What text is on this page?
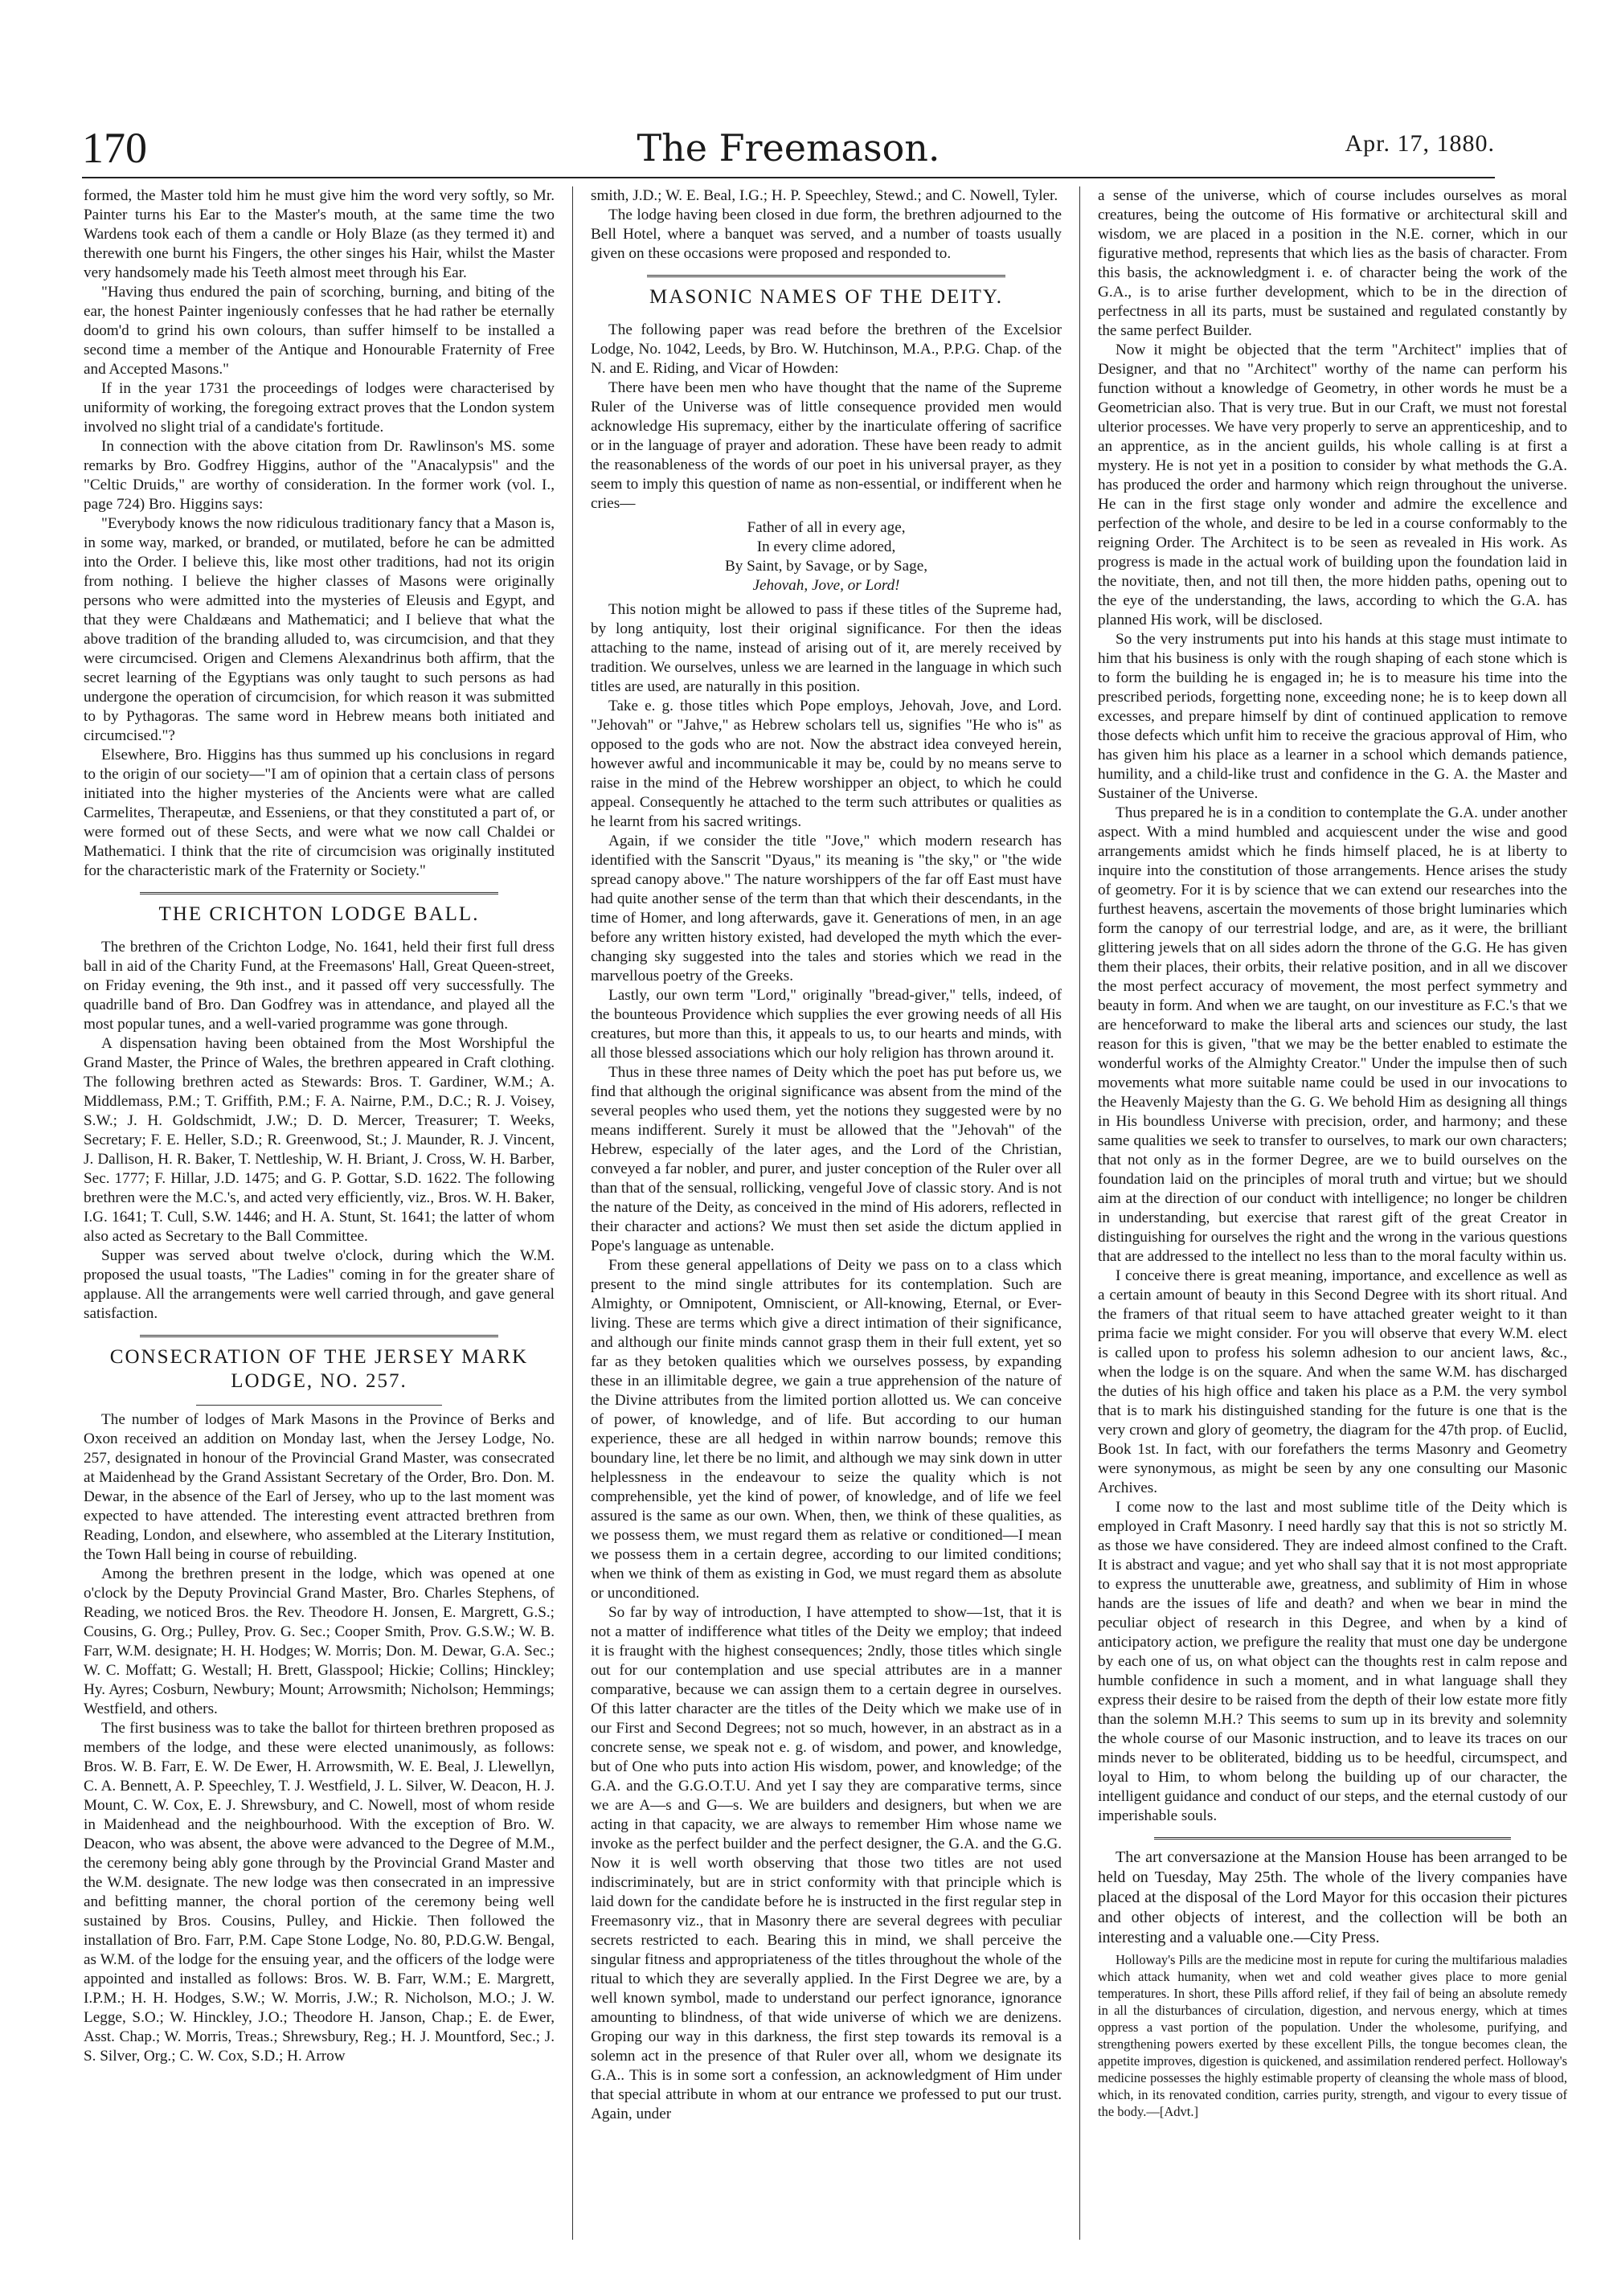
170	The Freemason.	Apr. 17, 1880.

formed, the Master told him he must give him the word very softly, so Mr. Painter turns his Ear to the Master's mouth, at the same time the two Wardens took each of them a candle or Holy Blaze (as they termed it) and therewith one burnt his Fingers, the other singes his Hair, whilst the Master very handsomely made his Teeth almost meet through his Ear.

"Having thus endured the pain of scorching, burning, and biting of the ear, the honest Painter ingeniously confesses that he had rather be eternally doom'd to grind his own colours, than suffer himself to be installed a second time a member of the Antique and Honourable Fraternity of Free and Accepted Masons."

If in the year 1731 the proceedings of lodges were characterised by uniformity of working, the foregoing extract proves that the London system involved no slight trial of a candidate's fortitude.

In connection with the above citation from Dr. Rawlinson's MS. some remarks by Bro. Godfrey Higgins, author of the "Anacalypsis" and the "Celtic Druids," are worthy of consideration. In the former work (vol. I., page 724) Bro. Higgins says:

"Everybody knows the now ridiculous traditionary fancy that a Mason is, in some way, marked, or branded, or mutilated, before he can be admitted into the Order. I believe this, like most other traditions, had not its origin from nothing. I believe the higher classes of Masons were originally persons who were admitted into the mysteries of Eleusis and Egypt, and that they were Chaldæans and Mathematici; and I believe that what the above tradition of the branding alluded to, was circumcision, and that they were circumcised. Origen and Clemens Alexandrinus both affirm, that the secret learning of the Egyptians was only taught to such persons as had undergone the operation of circumcision, for which reason it was submitted to by Pythagoras. The same word in Hebrew means both initiated and circumcised."?

Elsewhere, Bro. Higgins has thus summed up his conclusions in regard to the origin of our society—"I am of opinion that a certain class of persons initiated into the higher mysteries of the Ancients were what are called Carmelites, Therapeutæ, and Esseniens, or that they constituted a part of, or were formed out of these Sects, and were what we now call Chaldei or Mathematici. I think that the rite of circumcision was originally instituted for the characteristic mark of the Fraternity or Society."

THE CRICHTON LODGE BALL.

The brethren of the Crichton Lodge, No. 1641, held their first full dress ball in aid of the Charity Fund, at the Freemasons' Hall, Great Queen-street, on Friday evening, the 9th inst., and it passed off very successfully. The quadrille band of Bro. Dan Godfrey was in attendance, and played all the most popular tunes, and a well-varied programme was gone through.

A dispensation having been obtained from the Most Worshipful the Grand Master, the Prince of Wales, the brethren appeared in Craft clothing. The following brethren acted as Stewards: Bros. T. Gardiner, W.M.; A. Middlemass, P.M.; T. Griffith, P.M.; F. A. Nairne, P.M., D.C.; R. J. Voisey, S.W.; J. H. Goldschmidt, J.W.; D. D. Mercer, Treasurer; T. Weeks, Secretary; F. E. Heller, S.D.; R. Greenwood, St.; J. Maunder, R. J. Vincent, J. Dallison, H. R. Baker, T. Nettleship, W. H. Briant, J. Cross, W. H. Barber, Sec. 1777; F. Hillar, J.D. 1475; and G. P. Gottar, S.D. 1622. The following brethren were the M.C.'s, and acted very efficiently, viz., Bros. W. H. Baker, I.G. 1641; T. Cull, S.W. 1446; and H. A. Stunt, St. 1641; the latter of whom also acted as Secretary to the Ball Committee.

Supper was served about twelve o'clock, during which the W.M. proposed the usual toasts, "The Ladies" coming in for the greater share of applause. All the arrangements were well carried through, and gave general satisfaction.

CONSECRATION OF THE JERSEY MARK LODGE, NO. 257.

The number of lodges of Mark Masons in the Province of Berks and Oxon received an addition on Monday last, when the Jersey Lodge, No. 257, designated in honour of the Provincial Grand Master, was consecrated at Maidenhead by the Grand Assistant Secretary of the Order, Bro. Don. M. Dewar, in the absence of the Earl of Jersey, who up to the last moment was expected to have attended. The interesting event attracted brethren from Reading, London, and elsewhere, who assembled at the Literary Institution, the Town Hall being in course of rebuilding.

Among the brethren present in the lodge, which was opened at one o'clock by the Deputy Provincial Grand Master, Bro. Charles Stephens, of Reading, we noticed Bros. the Rev. Theodore H. Jonsen, E. Margrett, G.S.; Cousins, G. Org.; Pulley, Prov. G. Sec.; Cooper Smith, Prov. G.S.W.; W. B. Farr, W.M. designate; H. H. Hodges; W. Morris; Don. M. Dewar, G.A. Sec.; W. C. Moffatt; G. Westall; H. Brett, Glasspool; Hickie; Collins; Hinckley; Hy. Ayres; Cosburn, Newbury; Mount; Arrowsmith; Nicholson; Hemmings; Westfield, and others.

The first business was to take the ballot for thirteen brethren proposed as members of the lodge, and these were elected unanimously, as follows: Bros. W. B. Farr, E. W. De Ewer, H. Arrowsmith, W. E. Beal, J. Llewellyn, C. A. Bennett, A. P. Speechley, T. J. Westfield, J. L. Silver, W. Deacon, H. J. Mount, C. W. Cox, E. J. Shrewsbury, and C. Nowell, most of whom reside in Maidenhead and the neighbourhood. With the exception of Bro. W. Deacon, who was absent, the above were advanced to the Degree of M.M., the ceremony being ably gone through by the Provincial Grand Master and the W.M. designate. The new lodge was then consecrated in an impressive and befitting manner, the choral portion of the ceremony being well sustained by Bros. Cousins, Pulley, and Hickie. Then followed the installation of Bro. Farr, P.M. Cape Stone Lodge, No. 80, P.D.G.W. Bengal, as W.M. of the lodge for the ensuing year, and the officers of the lodge were appointed and installed as follows: Bros. W. B. Farr, W.M.; E. Margrett, I.P.M.; H. H. Hodges, S.W.; W. Morris, J.W.; R. Nicholson, M.O.; J. W. Legge, S.O.; W. Hinckley, J.O.; Theodore H. Janson, Chap.; E. de Ewer, Asst. Chap.; W. Morris, Treas.; Shrewsbury, Reg.; H. J. Mountford, Sec.; J. S. Silver, Org.; C. W. Cox, S.D.; H. Arrow

smith, J.D.; W. E. Beal, I.G.; H. P. Speechley, Stewd.; and C. Nowell, Tyler.

The lodge having been closed in due form, the brethren adjourned to the Bell Hotel, where a banquet was served, and a number of toasts usually given on these occasions were proposed and responded to.

MASONIC NAMES OF THE DEITY.

The following paper was read before the brethren of the Excelsior Lodge, No. 1042, Leeds, by Bro. W. Hutchinson, M.A., P.P.G. Chap. of the N. and E. Riding, and Vicar of Howden:

There have been men who have thought that the name of the Supreme Ruler of the Universe was of little consequence provided men would acknowledge His supremacy, either by the inarticulate offering of sacrifice or in the language of prayer and adoration. These have been ready to admit the reasonableness of the words of our poet in his universal prayer, as they seem to imply this question of name as non-essential, or indifferent when he cries—

Father of all in every age,
In every clime adored,
By Saint, by Savage, or by Sage,
Jehovah, Jove, or Lord!

This notion might be allowed to pass if these titles of the Supreme had, by long antiquity, lost their original significance. For then the ideas attaching to the name, instead of arising out of it, are merely received by tradition. We ourselves, unless we are learned in the language in which such titles are used, are naturally in this position.

Take e. g. those titles which Pope employs, Jehovah, Jove, and Lord. "Jehovah" or "Jahve," as Hebrew scholars tell us, signifies "He who is" as opposed to the gods who are not. Now the abstract idea conveyed herein, however awful and incommunicable it may be, could by no means serve to raise in the mind of the Hebrew worshipper an object, to which he could appeal. Consequently he attached to the term such attributes or qualities as he learnt from his sacred writings.

Again, if we consider the title "Jove," which modern research has identified with the Sanscrit "Dyaus," its meaning is "the sky," or "the wide spread canopy above." The nature worshippers of the far off East must have had quite another sense of the term than that which their descendants, in the time of Homer, and long afterwards, gave it. Generations of men, in an age before any written history existed, had developed the myth which the ever-changing sky suggested into the tales and stories which we read in the marvellous poetry of the Greeks.

Lastly, our own term "Lord," originally "bread-giver," tells, indeed, of the bounteous Providence which supplies the ever growing needs of all His creatures, but more than this, it appeals to us, to our hearts and minds, with all those blessed associations which our holy religion has thrown around it.

Thus in these three names of Deity which the poet has put before us, we find that although the original significance was absent from the mind of the several peoples who used them, yet the notions they suggested were by no means indifferent. Surely it must be allowed that the "Jehovah" of the Hebrew, especially of the later ages, and the Lord of the Christian, conveyed a far nobler, and purer, and juster conception of the Ruler over all than that of the sensual, rollicking, vengeful Jove of classic story. And is not the nature of the Deity, as conceived in the mind of His adorers, reflected in their character and actions? We must then set aside the dictum applied in Pope's language as untenable.

From these general appellations of Deity we pass on to a class which present to the mind single attributes for its contemplation. Such are Almighty, or Omnipotent, Omniscient, or All-knowing, Eternal, or Ever-living. These are terms which give a direct intimation of their significance, and although our finite minds cannot grasp them in their full extent, yet so far as they betoken qualities which we ourselves possess, by expanding these in an illimitable degree, we gain a true apprehension of the nature of the Divine attributes from the limited portion allotted us. We can conceive of power, of knowledge, and of life. But according to our human experience, these are all hedged in within narrow bounds; remove this boundary line, let there be no limit, and although we may sink down in utter helplessness in the endeavour to seize the quality which is not comprehensible, yet the kind of power, of knowledge, and of life we feel assured is the same as our own. When, then, we think of these qualities, as we possess them, we must regard them as relative or conditioned—I mean we possess them in a certain degree, according to our limited conditions; when we think of them as existing in God, we must regard them as absolute or unconditioned.

So far by way of introduction, I have attempted to show—1st, that it is not a matter of indifference what titles of the Deity we employ; that indeed it is fraught with the highest consequences; 2ndly, those titles which single out for our contemplation and use special attributes are in a manner comparative, because we can assign them to a certain degree in ourselves. Of this latter character are the titles of the Deity which we make use of in our First and Second Degrees; not so much, however, in an abstract as in a concrete sense, we speak not e. g. of wisdom, and power, and knowledge, but of One who puts into action His wisdom, power, and knowledge; of the G.A. and the G.G.O.T.U. And yet I say they are comparative terms, since we are A—s and G—s. We are builders and designers, but when we are acting in that capacity, we are always to remember Him whose name we invoke as the perfect builder and the perfect designer, the G.A. and the G.G. Now it is well worth observing that those two titles are not used indiscriminately, but are in strict conformity with that principle which is laid down for the candidate before he is instructed in the first regular step in Freemasonry viz., that in Masonry there are several degrees with peculiar secrets restricted to each. Bearing this in mind, we shall perceive the singular fitness and appropriateness of the titles throughout the whole of the ritual to which they are severally applied. In the First Degree we are, by a well known symbol, made to understand our perfect ignorance, ignorance amounting to blindness, of that wide universe of which we are denizens. Groping our way in this darkness, the first step towards its removal is a solemn act in the presence of that Ruler over all, whom we designate its G.A.. This is in some sort a confession, an acknowledgment of Him under that special attribute in whom at our entrance we professed to put our trust. Again, under

a sense of the universe, which of course includes ourselves as moral creatures, being the outcome of His formative or architectural skill and wisdom, we are placed in a position in the N.E. corner, which in our figurative method, represents that which lies as the basis of character. From this basis, the acknowledgment i. e. of character being the work of the G.A., is to arise further development, which to be in the direction of perfectness in all its parts, must be sustained and regulated constantly by the same perfect Builder.

Now it might be objected that the term "Architect" implies that of Designer, and that no "Architect" worthy of the name can perform his function without a knowledge of Geometry, in other words he must be a Geometrician also. That is very true. But in our Craft, we must not forestal ulterior processes. We have very properly to serve an apprenticeship, and to an apprentice, as in the ancient guilds, his whole calling is at first a mystery. He is not yet in a position to consider by what methods the G.A. has produced the order and harmony which reign throughout the universe. He can in the first stage only wonder and admire the excellence and perfection of the whole, and desire to be led in a course conformably to the reigning Order. The Architect is to be seen as revealed in His work. As progress is made in the actual work of building upon the foundation laid in the novitiate, then, and not till then, the more hidden paths, opening out to the eye of the understanding, the laws, according to which the G.A. has planned His work, will be disclosed.

So the very instruments put into his hands at this stage must intimate to him that his business is only with the rough shaping of each stone which is to form the building he is engaged in; he is to measure his time into the prescribed periods, forgetting none, exceeding none; he is to keep down all excesses, and prepare himself by dint of continued application to remove those defects which unfit him to receive the gracious approval of Him, who has given him his place as a learner in a school which demands patience, humility, and a child-like trust and confidence in the G. A. the Master and Sustainer of the Universe.

Thus prepared he is in a condition to contemplate the G.A. under another aspect. With a mind humbled and acquiescent under the wise and good arrangements amidst which he finds himself placed, he is at liberty to inquire into the constitution of those arrangements. Hence arises the study of geometry. For it is by science that we can extend our researches into the furthest heavens, ascertain the movements of those bright luminaries which form the canopy of our terrestrial lodge, and are, as it were, the brilliant glittering jewels that on all sides adorn the throne of the G.G. He has given them their places, their orbits, their relative position, and in all we discover the most perfect accuracy of movement, the most perfect symmetry and beauty in form. And when we are taught, on our investiture as F.C.'s that we are henceforward to make the liberal arts and sciences our study, the last reason for this is given, "that we may be the better enabled to estimate the wonderful works of the Almighty Creator." Under the impulse then of such movements what more suitable name could be used in our invocations to the Heavenly Majesty than the G. G. We behold Him as designing all things in His boundless Universe with precision, order, and harmony; and these same qualities we seek to transfer to ourselves, to mark our own characters; that not only as in the former Degree, are we to build ourselves on the foundation laid on the principles of moral truth and virtue; but we should aim at the direction of our conduct with intelligence; no longer be children in understanding, but exercise that rarest gift of the great Creator in distinguishing for ourselves the right and the wrong in the various questions that are addressed to the intellect no less than to the moral faculty within us.

I conceive there is great meaning, importance, and excellence as well as a certain amount of beauty in this Second Degree with its short ritual. And the framers of that ritual seem to have attached greater weight to it than prima facie we might consider. For you will observe that every W.M. elect is called upon to profess his solemn adhesion to our ancient laws, &c., when the lodge is on the square. And when the same W.M. has discharged the duties of his high office and taken his place as a P.M. the very symbol that is to mark his distinguished standing for the future is one that is the very crown and glory of geometry, the diagram for the 47th prop. of Euclid, Book 1st. In fact, with our forefathers the terms Masonry and Geometry were synonymous, as might be seen by any one consulting our Masonic Archives.

I come now to the last and most sublime title of the Deity which is employed in Craft Masonry. I need hardly say that this is not so strictly M. as those we have considered. They are indeed almost confined to the Craft. It is abstract and vague; and yet who shall say that it is not most appropriate to express the unutterable awe, greatness, and sublimity of Him in whose hands are the issues of life and death? and when we bear in mind the peculiar object of research in this Degree, and when by a kind of anticipatory action, we prefigure the reality that must one day be undergone by each one of us, on what object can the thoughts rest in calm repose and humble confidence in such a moment, and in what language shall they express their desire to be raised from the depth of their low estate more fitly than the solemn M.H.? This seems to sum up in its brevity and solemnity the whole course of our Masonic instruction, and to leave its traces on our minds never to be obliterated, bidding us to be heedful, circumspect, and loyal to Him, to whom belong the building up of our character, the intelligent guidance and conduct of our steps, and the eternal custody of our imperishable souls.

The art conversazione at the Mansion House has been arranged to be held on Tuesday, May 25th. The whole of the livery companies have placed at the disposal of the Lord Mayor for this occasion their pictures and other objects of interest, and the collection will be both an interesting and a valuable one.—City Press.

Holloway's Pills are the medicine most in repute for curing the multifarious maladies which attack humanity, when wet and cold weather gives place to more genial temperatures. In short, these Pills afford relief, if they fail of being an absolute remedy in all the disturbances of circulation, digestion, and nervous energy, which at times oppress a vast portion of the population. Under the wholesome, purifying, and strengthening powers exerted by these excellent Pills, the tongue becomes clean, the appetite improves, digestion is quickened, and assimilation rendered perfect. Holloway's medicine possesses the highly estimable property of cleansing the whole mass of blood, which, in its renovated condition, carries purity, strength, and vigour to every tissue of the body.—[Advt.]
